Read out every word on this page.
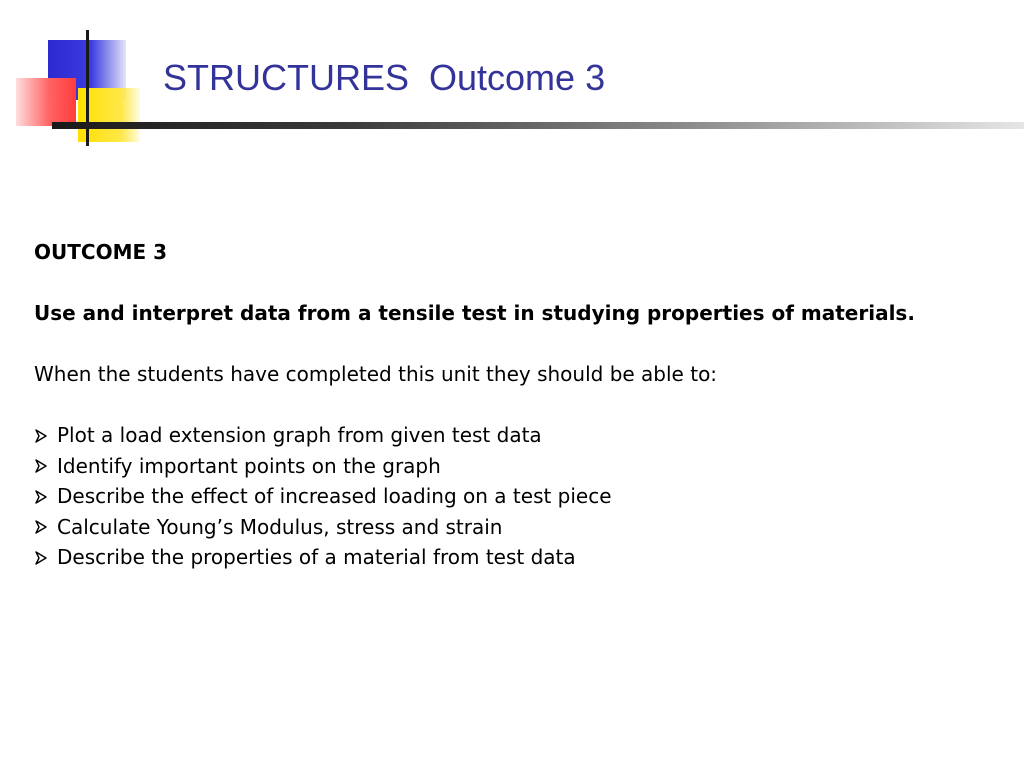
STRUCTURES  Outcome 3

OUTCOME 3

Use and interpret data from a tensile test in studying properties of materials.

When the students have completed this unit they should be able to:

Plot a load extension graph from given test data
Identify important points on the graph
Describe the effect of increased loading on a test piece
Calculate Young’s Modulus, stress and strain
Describe the properties of a material from test data
